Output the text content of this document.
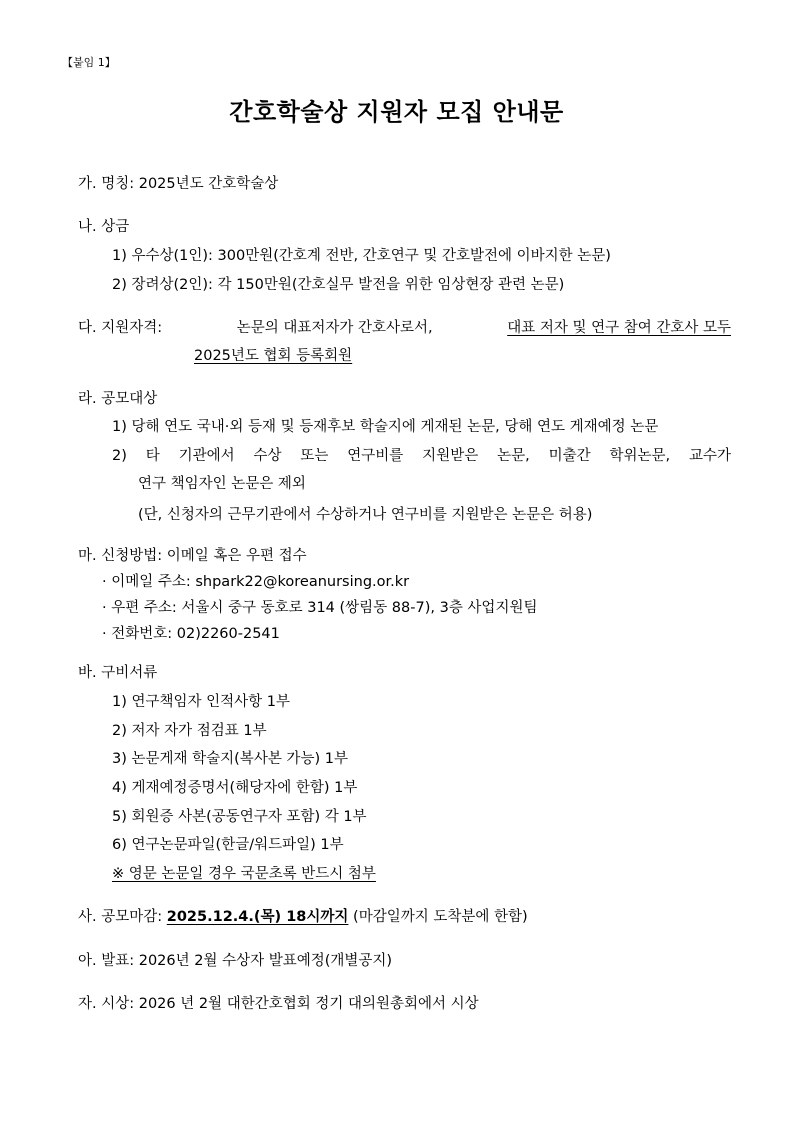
【붙임 1】
간호학술상 지원자 모집 안내문
가. 명칭: 2025년도 간호학술상
나. 상금
1) 우수상(1인): 300만원(간호계 전반, 간호연구 및 간호발전에 이바지한 논문)
2) 장려상(2인): 각 150만원(간호실무 발전을 위한 임상현장 관련 논문)
다. 지원자격:	논문의 대표저자가 간호사로서,	대표 저자 및 연구 참여 간호사 모두
2025년도 협회 등록회원
라. 공모대상
1) 당해 연도 국내·외 등재 및 등재후보 학술지에 게재된 논문, 당해 연도 게재예정 논문
2) 타 기관에서 수상 또는 연구비를 지원받은 논문, 미출간 학위논문, 교수가
연구 책임자인 논문은 제외
(단, 신청자의 근무기관에서 수상하거나 연구비를 지원받은 논문은 허용)
마. 신청방법: 이메일 혹은 우편 접수
· 이메일 주소: shpark22@koreanursing.or.kr
· 우편 주소: 서울시 중구 동호로 314 (쌍림동 88-7), 3층 사업지원팀
· 전화번호: 02)2260-2541
바. 구비서류
1) 연구책임자 인적사항 1부
2) 저자 자가 점검표 1부
3) 논문게재 학술지(복사본 가능) 1부
4) 게재예정증명서(해당자에 한함) 1부
5) 회원증 사본(공동연구자 포함) 각 1부
6) 연구논문파일(한글/워드파일) 1부
※ 영문 논문일 경우 국문초록 반드시 첨부
사. 공모마감: 2025.12.4.(목) 18시까지 (마감일까지 도착분에 한함)
아. 발표: 2026년 2월 수상자 발표예정(개별공지)
자. 시상: 2026 년 2월 대한간호협회 정기 대의원총회에서 시상
